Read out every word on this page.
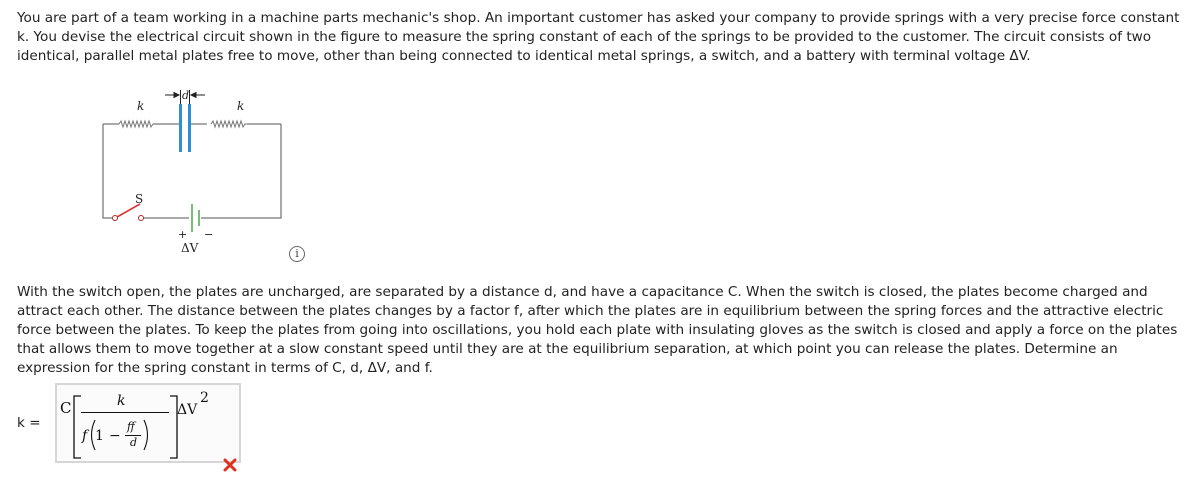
You are part of a team working in a machine parts mechanic's shop. An important customer has asked your company to provide springs with a very precise force constant k. You devise the electrical circuit shown in the figure to measure the spring constant of each of the springs to be provided to the customer. The circuit consists of two identical, parallel metal plates free to move, other than being connected to identical metal springs, a switch, and a battery with terminal voltage ΔV.

k	k
d
S
+ −
ΔV	i

With the switch open, the plates are uncharged, are separated by a distance d, and have a capacitance C. When the switch is closed, the plates become charged and attract each other. The distance between the plates changes by a factor f, after which the plates are in equilibrium between the spring forces and the attractive electric force between the plates. To keep the plates from going into oscillations, you hold each plate with insulating gloves as the switch is closed and apply a force on the plates that allows them to move together at a slow constant speed until they are at the equilibrium separation, at which point you can release the plates. Determine an expression for the spring constant in terms of C, d, ΔV, and f.

k =
C	k
f 1 −
ff
d
ΔV
2
